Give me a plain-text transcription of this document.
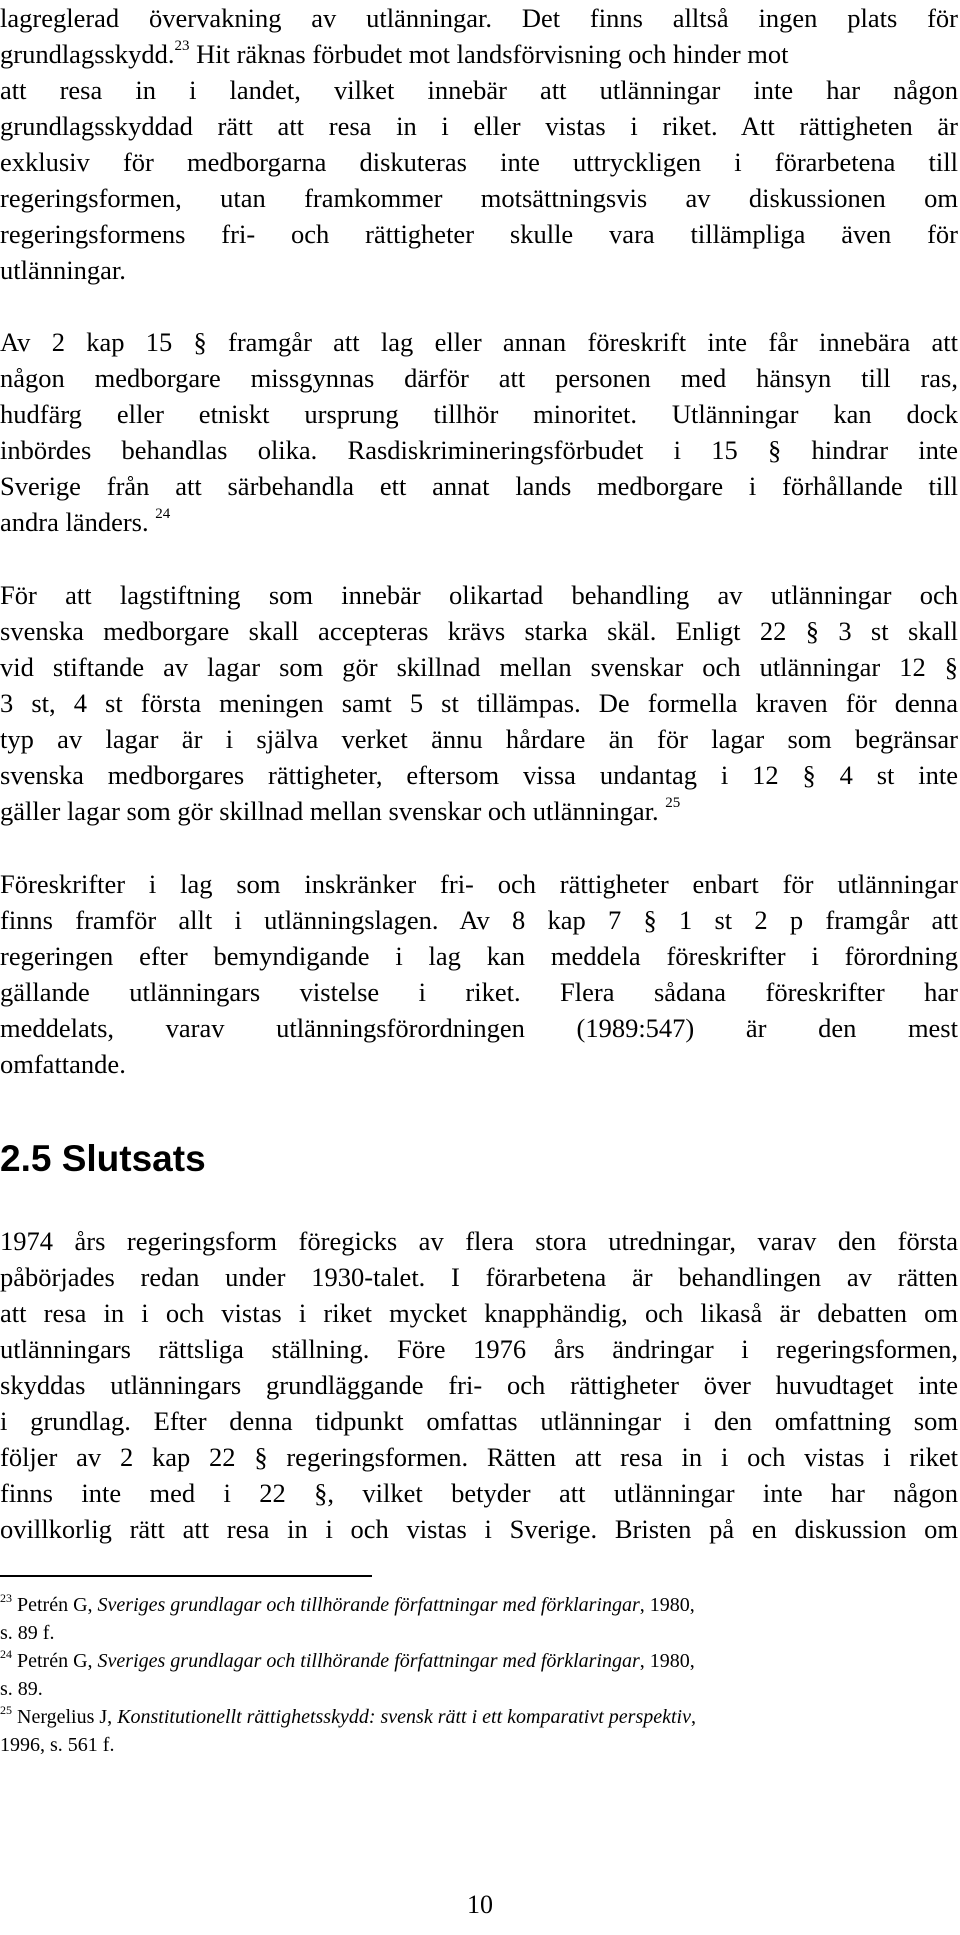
lagreglerad övervakning av utlänningar. Det finns alltså ingen plats för
grundlagsskydd.$^{23}$ Hit räknas förbudet mot landsförvisning och hinder mot
att resa in i landet, vilket innebär att utlänningar inte har någon
grundlagsskyddad rätt att resa in i eller vistas i riket. Att rättigheten är
exklusiv för medborgarna diskuteras inte uttryckligen i förarbetena till
regeringsformen, utan framkommer motsättningsvis av diskussionen om
regeringsformens fri- och rättigheter skulle vara tillämpliga även för
utlänningar.
Av 2 kap 15 § framgår att lag eller annan föreskrift inte får innebära att
någon medborgare missgynnas därför att personen med hänsyn till ras,
hudfärg eller etniskt ursprung tillhör minoritet. Utlänningar kan dock
inbördes behandlas olika. Rasdiskrimineringsförbudet i 15 § hindrar inte
Sverige från att särbehandla ett annat lands medborgare i förhållande till
andra länders. $^{24}$
För att lagstiftning som innebär olikartad behandling av utlänningar och
svenska medborgare skall accepteras krävs starka skäl. Enligt 22 § 3 st skall
vid stiftande av lagar som gör skillnad mellan svenskar och utlänningar 12 §
3 st, 4 st första meningen samt 5 st tillämpas. De formella kraven för denna
typ av lagar är i själva verket ännu hårdare än för lagar som begränsar
svenska medborgares rättigheter, eftersom vissa undantag i 12 § 4 st inte
gäller lagar som gör skillnad mellan svenskar och utlänningar. $^{25}$
Föreskrifter i lag som inskränker fri- och rättigheter enbart för utlänningar
finns framför allt i utlänningslagen. Av 8 kap 7 § 1 st 2 p framgår att
regeringen efter bemyndigande i lag kan meddela föreskrifter i förordning
gällande utlänningars vistelse i riket. Flera sådana föreskrifter har
meddelats, varav utlänningsförordningen (1989:547) är den mest
omfattande.
2.5 Slutsats
1974 års regeringsform föregicks av flera stora utredningar, varav den första
påbörjades redan under 1930-talet. I förarbetena är behandlingen av rätten
att resa in i och vistas i riket mycket knapphändig, och likaså är debatten om
utlänningars rättsliga ställning. Före 1976 års ändringar i regeringsformen,
skyddas utlänningars grundläggande fri- och rättigheter över huvudtaget inte
i grundlag. Efter denna tidpunkt omfattas utlänningar i den omfattning som
följer av 2 kap 22 § regeringsformen. Rätten att resa in i och vistas i riket
finns inte med i 22 §, vilket betyder att utlänningar inte har någon
ovillkorlig rätt att resa in i och vistas i Sverige. Bristen på en diskussion om
$^{23}$ Petrén G, Sveriges grundlagar och tillhörande författningar med förklaringar, 1980,
s. 89 f.
$^{24}$ Petrén G, Sveriges grundlagar och tillhörande författningar med förklaringar, 1980,
s. 89.
$^{25}$ Nergelius J, Konstitutionellt rättighetsskydd: svensk rätt i ett komparativt perspektiv,
1996, s. 561 f.
10
